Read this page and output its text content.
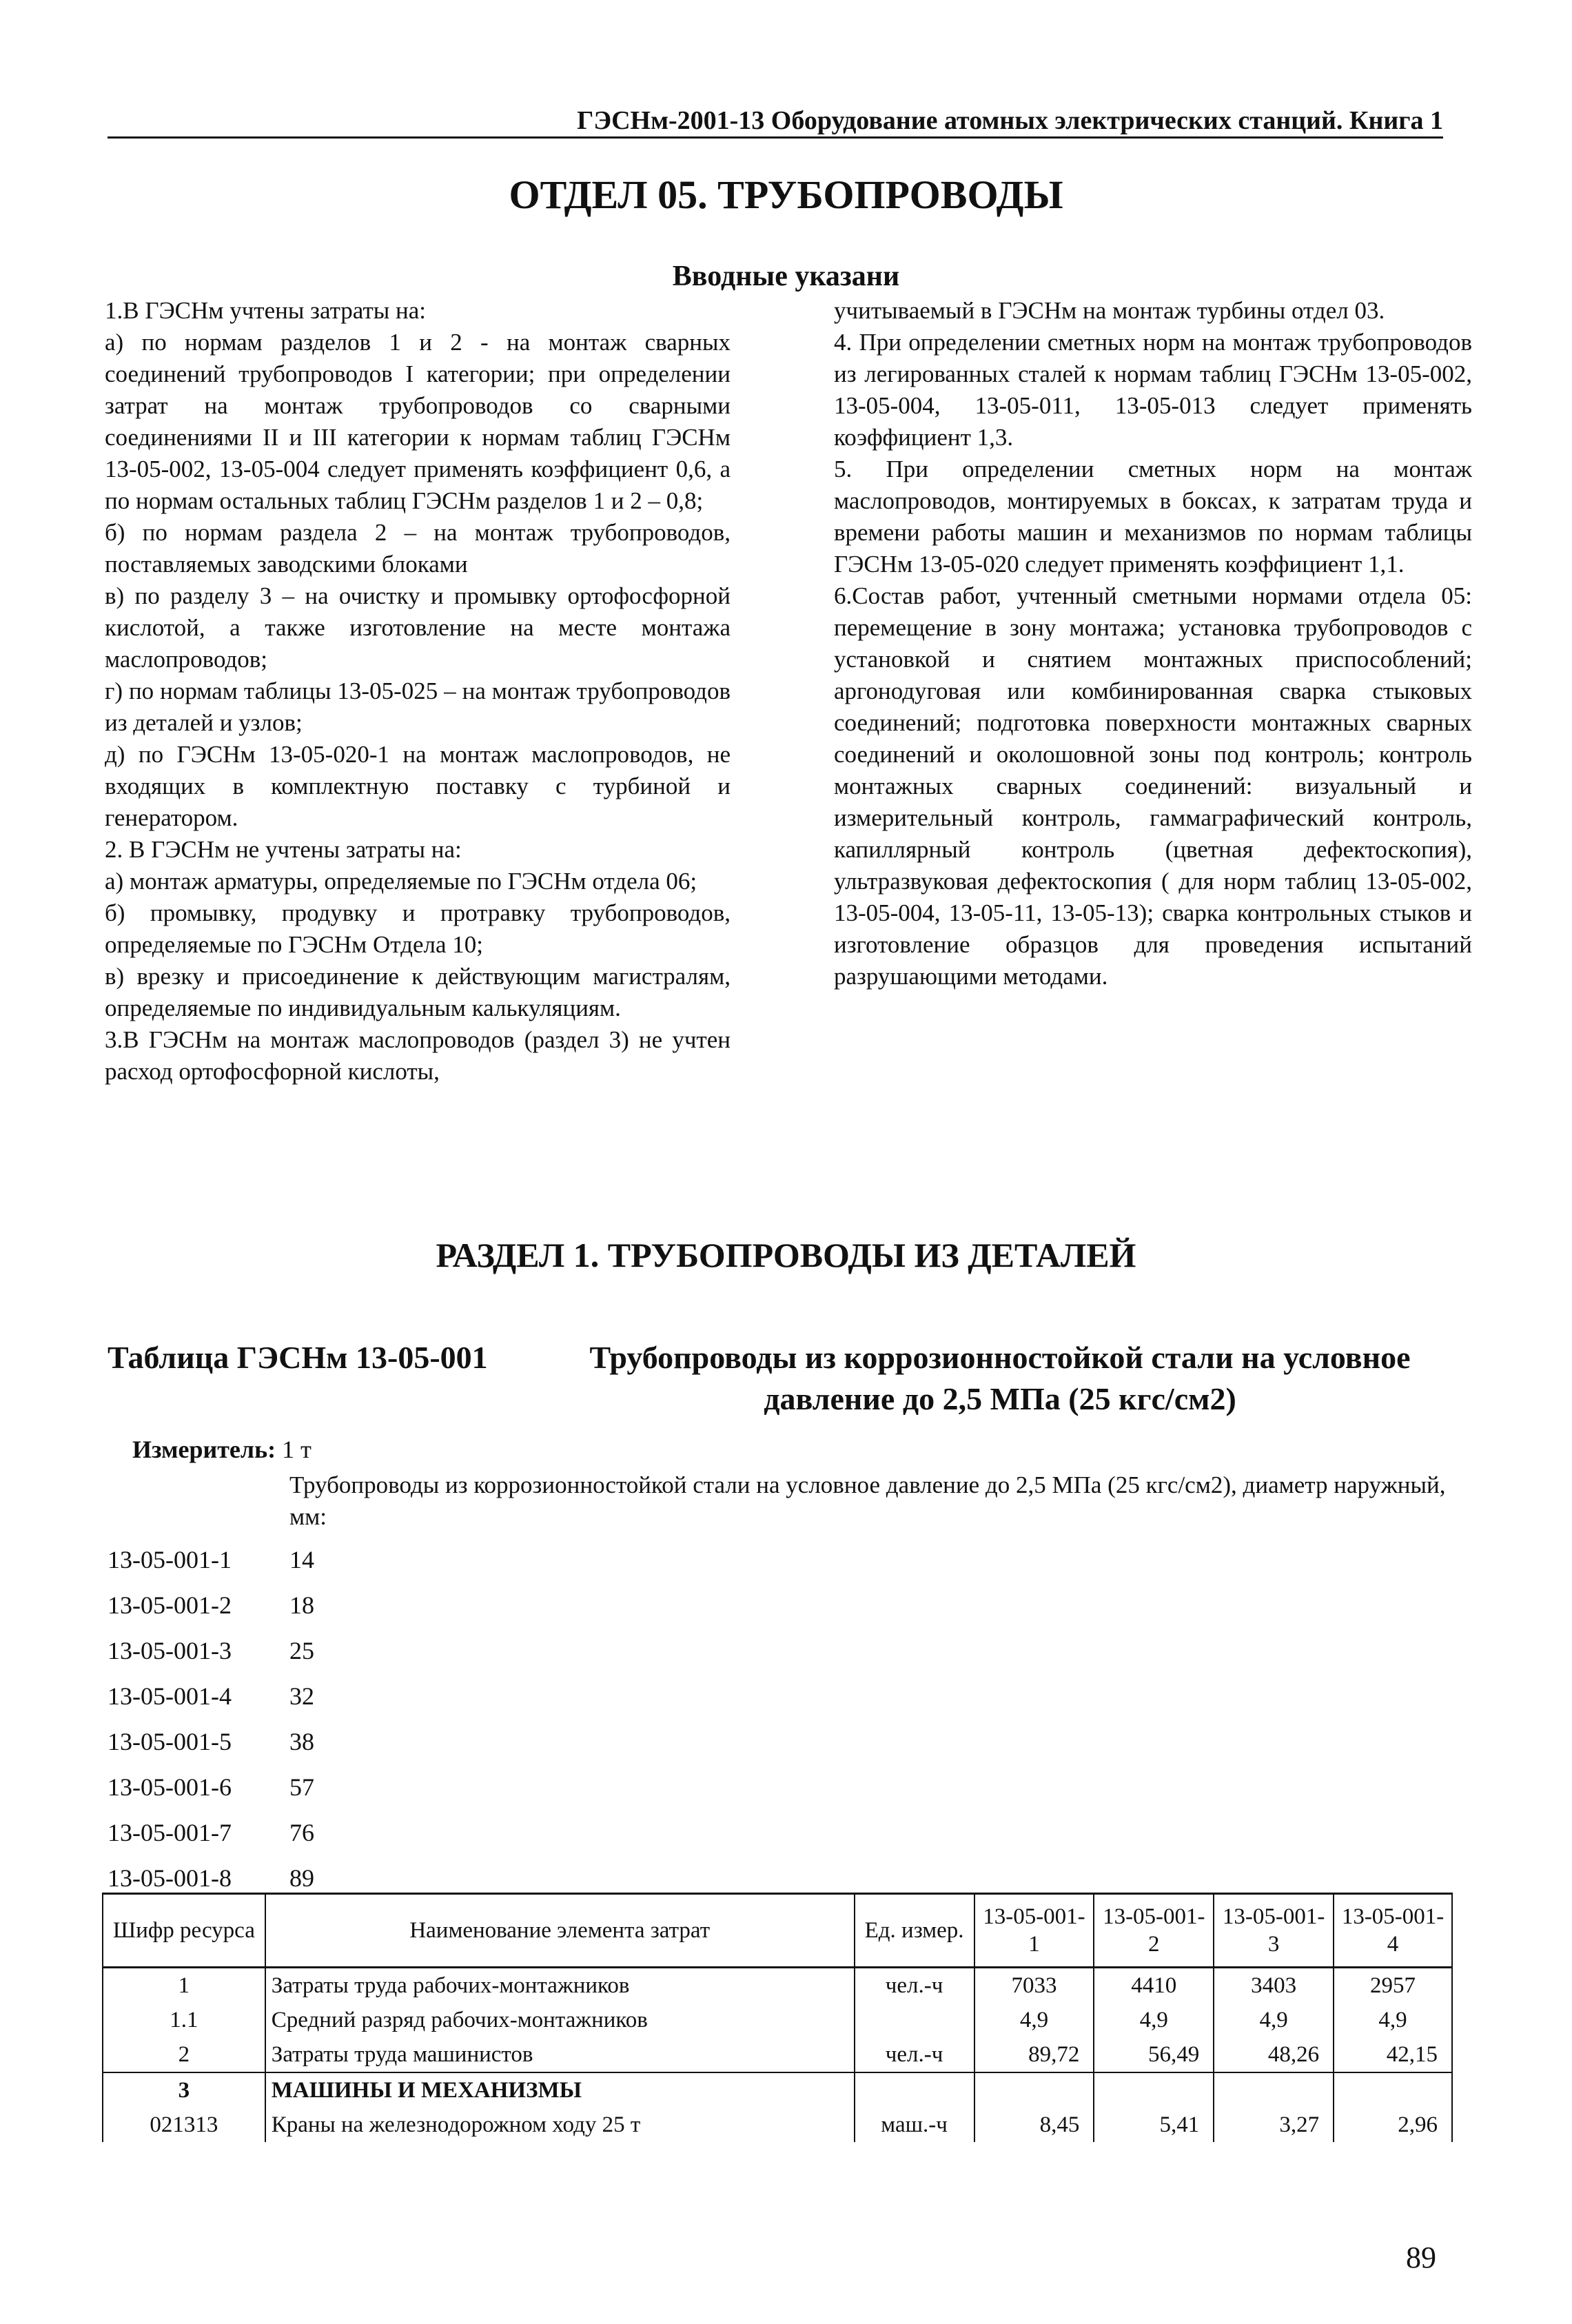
ГЭСНм-2001-13 Оборудование атомных электрических станций. Книга 1
ОТДЕЛ 05. ТРУБОПРОВОДЫ
Вводные указани

1.В ГЭСНм учтены затраты на:

а) по нормам разделов 1 и 2 - на монтаж сварных соединений трубопроводов I категории; при определении затрат на монтаж трубопроводов со сварными соединениями II и III категории к нормам таблиц ГЭСНм 13-05-002, 13-05-004 следует применять коэффициент 0,6, а по нормам остальных таблиц ГЭСНм разделов 1 и 2 – 0,8;

б) по нормам раздела 2 – на монтаж трубопроводов, поставляемых заводскими блоками

в) по разделу 3 – на очистку и промывку ортофосфорной кислотой, а также изготовление на месте монтажа маслопроводов;

г) по нормам таблицы 13-05-025 – на монтаж трубопроводов из деталей и узлов;

д) по ГЭСНм 13-05-020-1 на монтаж маслопроводов, не входящих в комплектную поставку с турбиной и генератором.

2. В ГЭСНм не учтены затраты на:

а) монтаж арматуры, определяемые по ГЭСНм отдела 06;

б) промывку, продувку и протравку трубопроводов, определяемые по ГЭСНм Отдела 10;

в) врезку и присоединение к действующим магистралям, определяемые по индивидуальным калькуляциям.

3.В ГЭСНм на монтаж маслопроводов (раздел 3) не учтен расход ортофосфорной кислоты,

учитываемый в ГЭСНм на монтаж турбины отдел 03.

4. При определении сметных норм на монтаж трубопроводов из легированных сталей к нормам таблиц ГЭСНм 13-05-002, 13-05-004, 13-05-011, 13-05-013 следует применять коэффициент 1,3.

5. При определении сметных норм на монтаж маслопроводов, монтируемых в боксах, к затратам труда и времени работы машин и механизмов по нормам таблицы ГЭСНм 13-05-020 следует применять коэффициент 1,1.

6.Состав работ, учтенный сметными нормами отдела 05: перемещение в зону монтажа; установка трубопроводов с установкой и снятием монтажных приспособлений; аргонодуговая или комбинированная сварка стыковых соединений; подготовка поверхности монтажных сварных соединений и околошовной зоны под контроль; контроль монтажных сварных соединений: визуальный и измерительный контроль, гаммаграфический контроль, капиллярный контроль (цветная дефектоскопия), ультразвуковая дефектоскопия ( для норм таблиц 13-05-002, 13-05-004, 13-05-11, 13-05-13); сварка контрольных стыков и изготовление образцов для проведения испытаний разрушающими методами.

РАЗДЕЛ 1. ТРУБОПРОВОДЫ ИЗ ДЕТАЛЕЙ
Таблица ГЭСНм 13-05-001	Трубопроводы из коррозионностойкой стали на условное давление до 2,5 МПа (25 кгс/см2)
Измеритель: 1 т
Трубопроводы из коррозионностойкой стали на условное давление до 2,5 МПа (25 кгс/см2), диаметр наружный, мм:
13-05-001-1	14
13-05-001-2	18
13-05-001-3	25
13-05-001-4	32
13-05-001-5	38
13-05-001-6	57
13-05-001-7	76
13-05-001-8	89
Шифр ресурса	Наименование элемента затрат	Ед. измер.	13-05-001-1	13-05-001-2	13-05-001-3	13-05-001-4
1	Затраты труда рабочих-монтажников	чел.-ч	7033	4410	3403	2957
1.1	Средний разряд рабочих-монтажников		4,9	4,9	4,9	4,9
2	Затраты труда машинистов	чел.-ч	89,72	56,49	48,26	42,15
3	МАШИНЫ И МЕХАНИЗМЫ					
021313	Краны на железнодорожном ходу 25 т	маш.-ч	8,45	5,41	3,27	2,96
89
